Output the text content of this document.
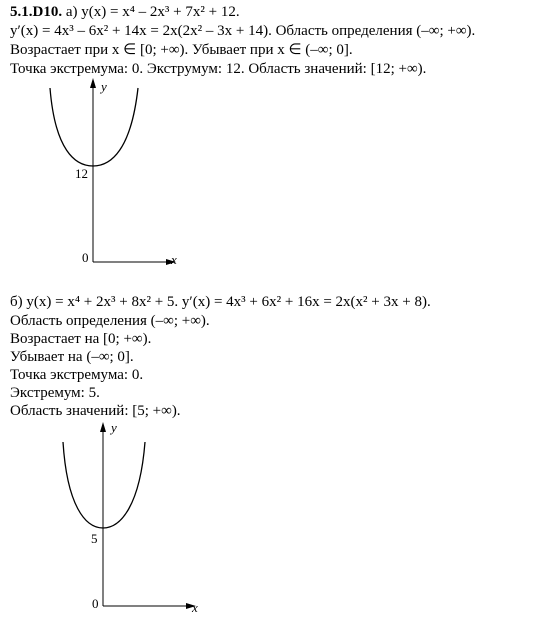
5.1.D10. а) y(x) = x⁴ – 2x³ + 7x² + 12.
y′(x) = 4x³ – 6x² + 14x = 2x(2x² – 3x + 14). Область определения (–∞; +∞).
Возрастает при x ∈ [0; +∞). Убывает при x ∈ (–∞; 0].
Точка экстремума: 0. Экструмум: 12. Область значений: [12; +∞).
y
x
0
12
y
x
0
5
б) y(x) = x⁴ + 2x³ + 8x² + 5. y′(x) = 4x³ + 6x² + 16x = 2x(x² + 3x + 8).
Область определения (–∞; +∞).
Возрастает на [0; +∞).
Убывает на (–∞; 0].
Точка экстремума: 0.
Экстремум: 5.
Область значений: [5; +∞).
